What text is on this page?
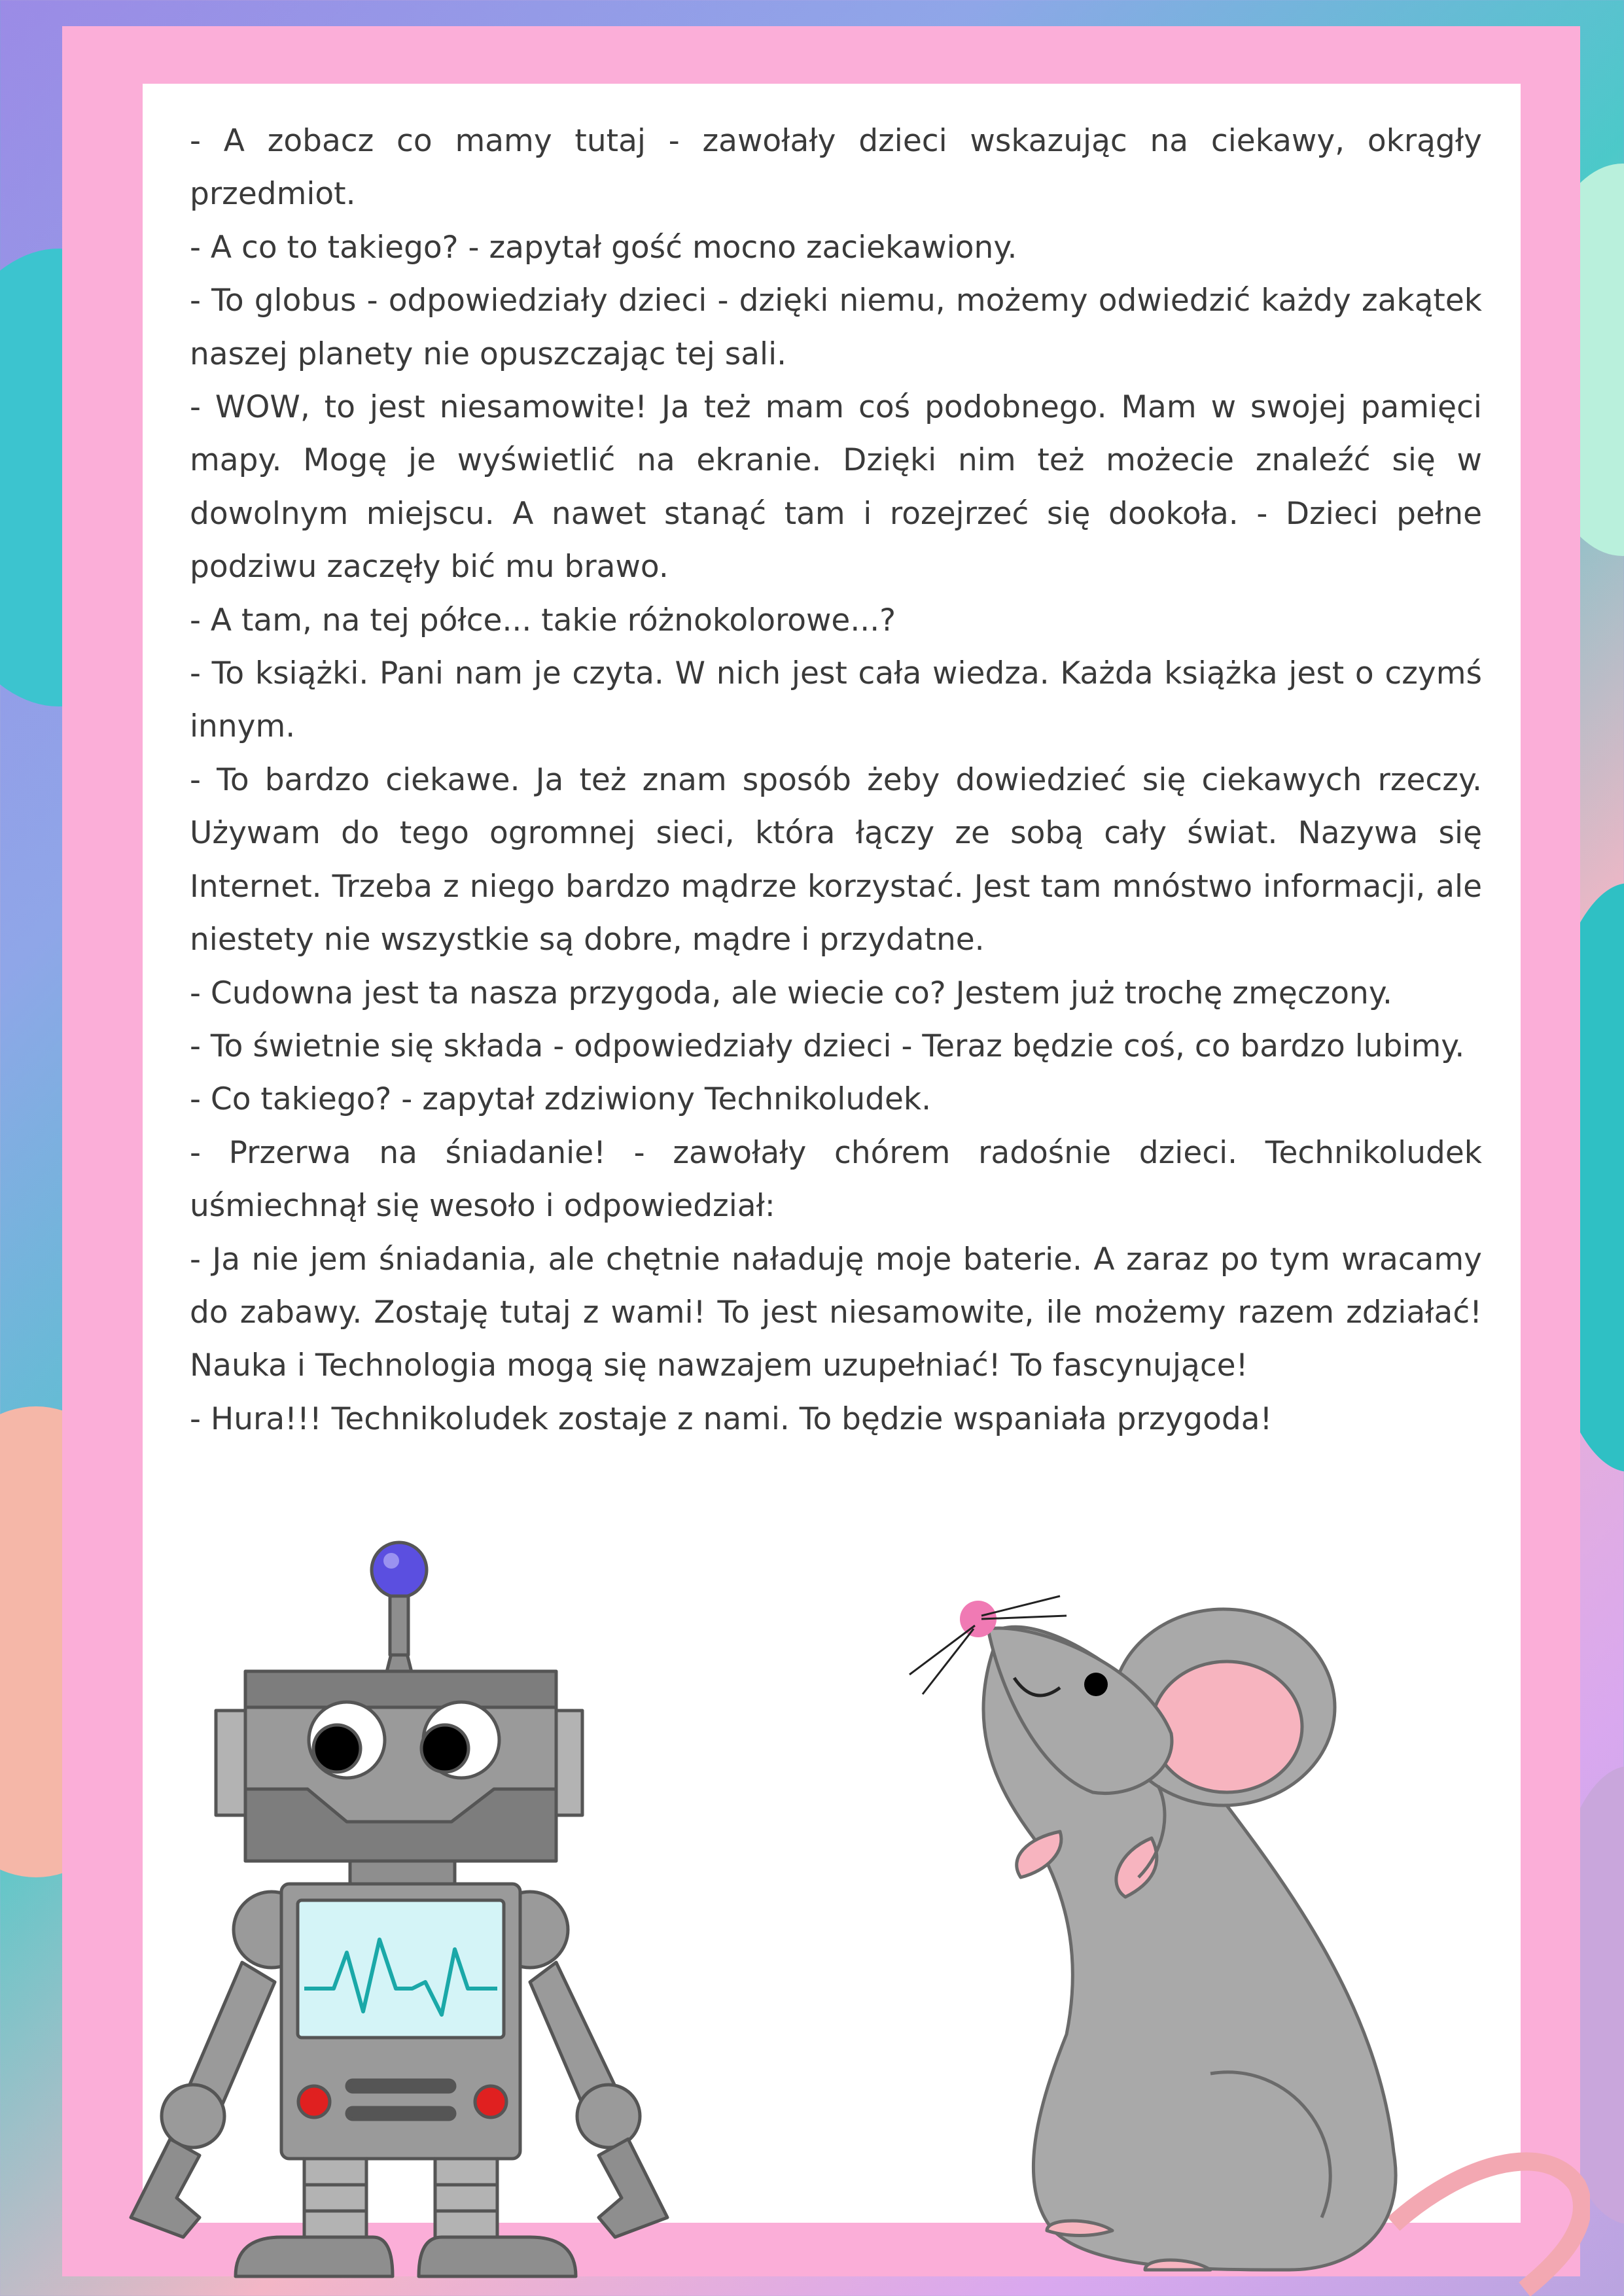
- A zobacz co mamy tutaj - zawołały dzieci wskazując na ciekawy, okrągły przedmiot.

- A co to takiego? - zapytał gość mocno zaciekawiony.

- To globus - odpowiedziały dzieci - dzięki niemu, możemy odwiedzić każdy zakątek naszej planety nie opuszczając tej sali.

- WOW, to jest niesamowite! Ja też mam coś podobnego. Mam w swojej pamięci mapy. Mogę je wyświetlić na ekranie. Dzięki nim też możecie znaleźć się w dowolnym miejscu. A nawet stanąć tam i rozejrzeć się dookoła. - Dzieci pełne podziwu zaczęły bić mu brawo.

- A tam, na tej półce... takie różnokolorowe...?

- To książki. Pani nam je czyta. W nich jest cała wiedza. Każda książka jest o czymś innym.

- To bardzo ciekawe. Ja też znam sposób żeby dowiedzieć się ciekawych rzeczy. Używam do tego ogromnej sieci, która łączy ze sobą cały świat. Nazywa się Internet. Trzeba z niego bardzo mądrze korzystać. Jest tam mnóstwo informacji, ale niestety nie wszystkie są dobre, mądre i przydatne.

- Cudowna jest ta nasza przygoda, ale wiecie co? Jestem już trochę zmęczony.

- To świetnie się składa - odpowiedziały dzieci - Teraz będzie coś, co bardzo lubimy.

- Co takiego? - zapytał zdziwiony Technikoludek.

- Przerwa na śniadanie! - zawołały chórem radośnie dzieci. Technikoludek uśmiechnął się wesoło i odpowiedział:

- Ja nie jem śniadania, ale chętnie naładuję moje baterie. A zaraz po tym wracamy do zabawy. Zostaję tutaj z wami! To jest niesamowite, ile możemy razem zdziałać! Nauka i Technologia mogą się nawzajem uzupełniać! To fascynujące!

- Hura!!! Technikoludek zostaje z nami. To będzie wspaniała przygoda!
